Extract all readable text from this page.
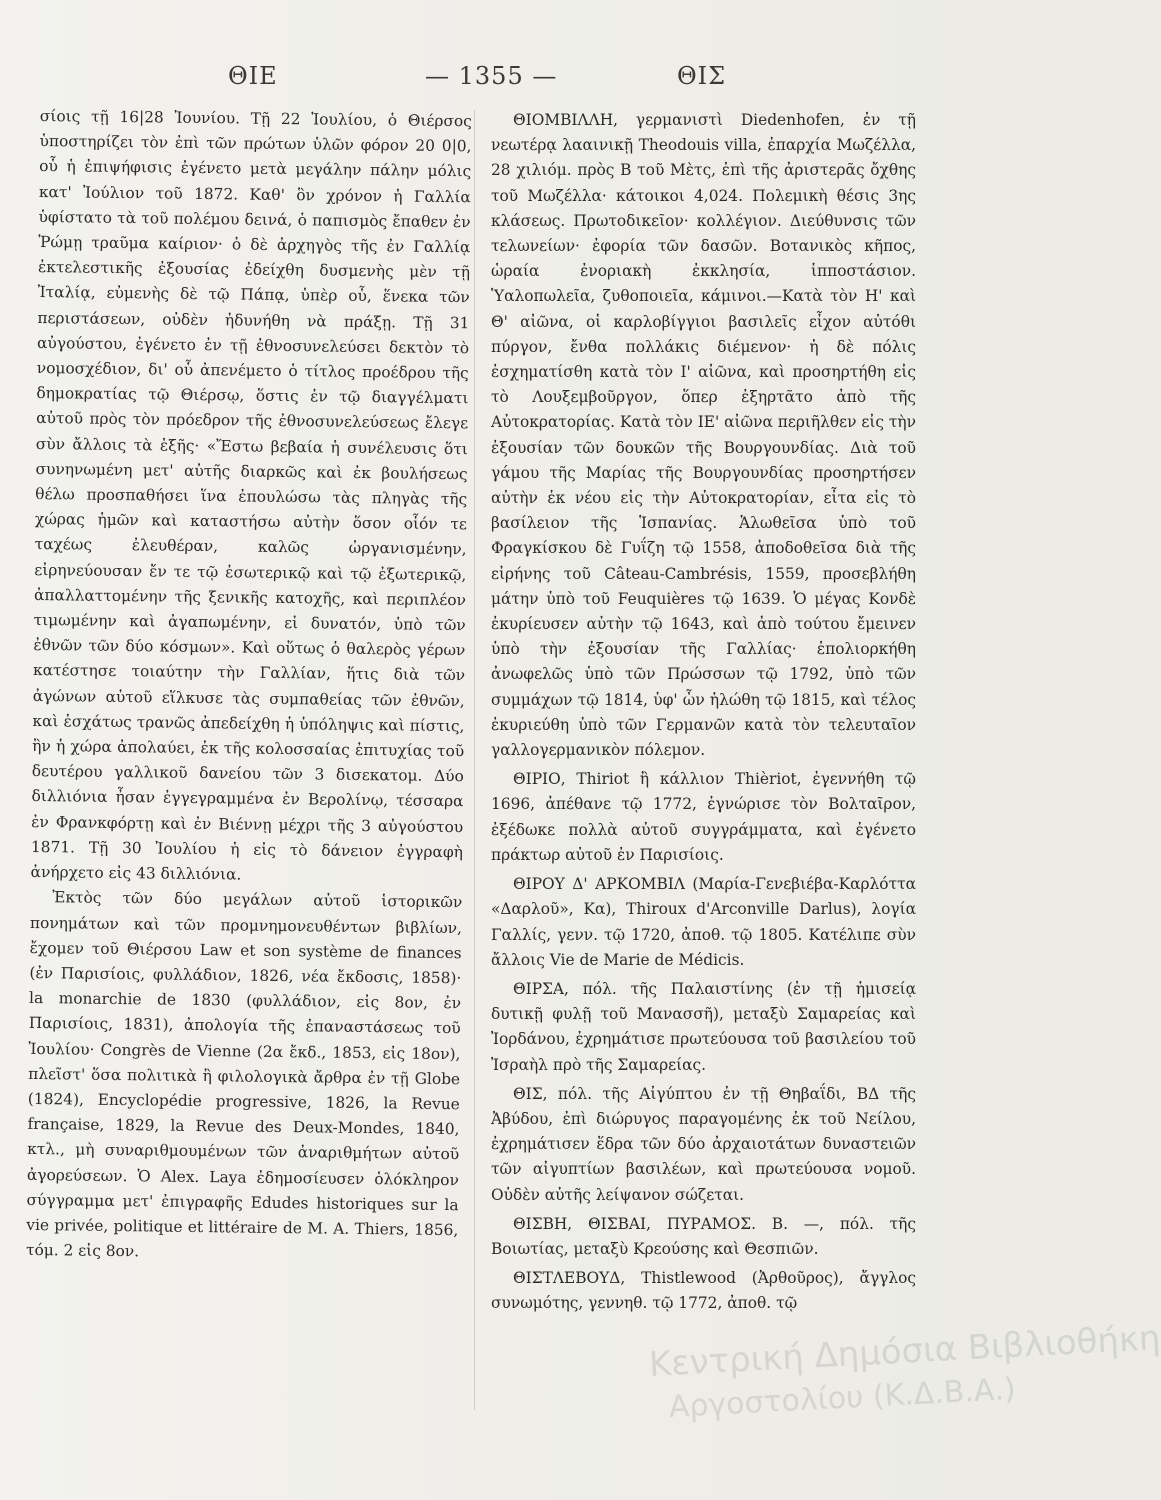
ΘΙΕ	— 1355 —	ΘΙΣ

σίοις τῇ 16|28 Ἰουνίου. Τῇ 22 Ἰουλίου, ὁ Θιέρσος ὑποστηρίζει τὸν ἐπὶ τῶν πρώτων ὑλῶν φόρον 20 0|0, οὗ ἡ ἐπιψήφισις ἐγένετο μετὰ μεγάλην πάλην μόλις κατ' Ἰούλιον τοῦ 1872. Καθ' ὃν χρόνον ἡ Γαλλία ὑφίστατο τὰ τοῦ πολέμου δεινά, ὁ παπισμὸς ἔπαθεν ἐν Ῥώμῃ τραῦμα καίριον· ὁ δὲ ἀρχηγὸς τῆς ἐν Γαλλίᾳ ἐκτελεστικῆς ἐξουσίας ἐδείχθη δυσμενὴς μὲν τῇ Ἰταλίᾳ, εὐμενὴς δὲ τῷ Πάπᾳ, ὑπὲρ οὗ, ἕνεκα τῶν περιστάσεων, οὐδὲν ἠδυνήθη νὰ πράξῃ. Τῇ 31 αὐγούστου, ἐγένετο ἐν τῇ ἐθνοσυνελεύσει δεκτὸν τὸ νομοσχέδιον, δι' οὗ ἀπενέμετο ὁ τίτλος προέδρου τῆς δημοκρατίας τῷ Θιέρσῳ, ὅστις ἐν τῷ διαγγέλματι αὐτοῦ πρὸς τὸν πρόεδρον τῆς ἐθνοσυνελεύσεως ἔλεγε σὺν ἄλλοις τὰ ἑξῆς· «Ἔστω βεβαία ἡ συνέλευσις ὅτι συνηνωμένη μετ' αὐτῆς διαρκῶς καὶ ἐκ βουλήσεως θέλω προσπαθήσει ἵνα ἐπουλώσω τὰς πληγὰς τῆς χώρας ἡμῶν καὶ καταστήσω αὐτὴν ὅσον οἷόν τε ταχέως ἐλευθέραν, καλῶς ὠργανισμένην, εἰρηνεύουσαν ἔν τε τῷ ἐσωτερικῷ καὶ τῷ ἐξωτερικῷ, ἀπαλλαττομένην τῆς ξενικῆς κατοχῆς, καὶ περιπλέον τιμωμένην καὶ ἀγαπωμένην, εἰ δυνατόν, ὑπὸ τῶν ἐθνῶν τῶν δύο κόσμων». Καὶ οὕτως ὁ θαλερὸς γέρων κατέστησε τοιαύτην τὴν Γαλλίαν, ἥτις διὰ τῶν ἀγώνων αὐτοῦ εἵλκυσε τὰς συμπαθείας τῶν ἐθνῶν, καὶ ἐσχάτως τρανῶς ἀπεδείχθη ἡ ὑπόληψις καὶ πίστις, ἣν ἡ χώρα ἀπολαύει, ἐκ τῆς κολοσσαίας ἐπιτυχίας τοῦ δευτέρου γαλλικοῦ δανείου τῶν 3 δισεκατομ. Δύο διλλιόνια ἦσαν ἐγγεγραμμένα ἐν Βερολίνῳ, τέσσαρα ἐν Φρανκφόρτῃ καὶ ἐν Βιέννῃ μέχρι τῆς 3 αὐγούστου 1871. Τῇ 30 Ἰουλίου ἡ εἰς τὸ δάνειον ἐγγραφὴ ἀνήρχετο εἰς 43 διλλιόνια.

Ἐκτὸς τῶν δύο μεγάλων αὐτοῦ ἱστορικῶν πονημάτων καὶ τῶν προμνημονευθέντων βιβλίων, ἔχομεν τοῦ Θιέρσου Law et son système de finances (ἐν Παρισίοις, φυλλάδιον, 1826, νέα ἔκδοσις, 1858)· la monarchie de 1830 (φυλλάδιον, εἰς 8ον, ἐν Παρισίοις, 1831), ἀπολογία τῆς ἐπαναστάσεως τοῦ Ἰουλίου· Congrès de Vienne (2α ἔκδ., 1853, εἰς 18ον), πλεῖστ' ὅσα πολιτικὰ ἢ φιλολογικὰ ἄρθρα ἐν τῇ Globe (1824), Encyclopédie progressive, 1826, la Revue française, 1829, la Revue des Deux-Mondes, 1840, κτλ., μὴ συναριθμουμένων τῶν ἀναριθμήτων αὐτοῦ ἀγορεύσεων. Ὁ Alex. Laya ἐδημοσίευσεν ὁλόκληρον σύγγραμμα μετ' ἐπιγραφῆς Edudes historiques sur la vie privée, politique et littéraire de M. A. Thiers, 1856, τόμ. 2 εἰς 8ον.

ΘΙΟΜΒΙΛΛΗ, γερμανιστὶ Diedenhofen, ἐν τῇ νεωτέρᾳ λααινικῇ Theodouis villa, ἐπαρχία Μωζέλλα, 28 χιλιόμ. πρὸς Β τοῦ Μὲτς, ἐπὶ τῆς ἀριστερᾶς ὄχθης τοῦ Μωζέλλα· κάτοικοι 4,024. Πολεμικὴ θέσις 3ης κλάσεως. Πρωτοδικεῖον· κολλέγιον. Διεύθυνσις τῶν τελωνείων· ἐφορία τῶν δασῶν. Βοτανικὸς κῆπος, ὡραία ἐνοριακὴ ἐκκλησία, ἱπποστάσιον. Ὑαλοπωλεῖα, ζυθοποιεῖα, κάμινοι.—Κατὰ τὸν Η' καὶ Θ' αἰῶνα, οἱ καρλοβίγγιοι βασιλεῖς εἶχον αὐτόθι πύργον, ἔνθα πολλάκις διέμενον· ἡ δὲ πόλις ἐσχηματίσθη κατὰ τὸν Ι' αἰῶνα, καὶ προσηρτήθη εἰς τὸ Λουξεμβοῦργον, ὅπερ ἐξηρτᾶτο ἀπὸ τῆς Αὐτοκρατορίας. Κατὰ τὸν ΙΕ' αἰῶνα περιῆλθεν εἰς τὴν ἐξουσίαν τῶν δουκῶν τῆς Βουργουνδίας. Διὰ τοῦ γάμου τῆς Μαρίας τῆς Βουργουνδίας προσηρτήσεν αὐτὴν ἐκ νέου εἰς τὴν Αὐτοκρατορίαν, εἶτα εἰς τὸ βασίλειον τῆς Ἱσπανίας. Ἁλωθεῖσα ὑπὸ τοῦ Φραγκίσκου δὲ Γυΐζη τῷ 1558, ἀποδοθεῖσα διὰ τῆς εἰρήνης τοῦ Câteau-Cambrésis, 1559, προσεβλήθη μάτην ὑπὸ τοῦ Feuquières τῷ 1639. Ὁ μέγας Κονδὲ ἐκυρίευσεν αὐτὴν τῷ 1643, καὶ ἀπὸ τούτου ἔμεινεν ὑπὸ τὴν ἐξουσίαν τῆς Γαλλίας· ἐπολιορκήθη ἀνωφελῶς ὑπὸ τῶν Πρώσσων τῷ 1792, ὑπὸ τῶν συμμάχων τῷ 1814, ὑφ' ὧν ἡλώθη τῷ 1815, καὶ τέλος ἐκυριεύθη ὑπὸ τῶν Γερμανῶν κατὰ τὸν τελευταῖον γαλλογερμανικὸν πόλεμον.

ΘΙΡΙΟ, Thiriot ἢ κάλλιον Thièriot, ἐγεννήθη τῷ 1696, ἀπέθανε τῷ 1772, ἐγνώρισε τὸν Βολταῖρον, ἐξέδωκε πολλὰ αὐτοῦ συγγράμματα, καὶ ἐγένετο πράκτωρ αὐτοῦ ἐν Παρισίοις.

ΘΙΡΟΥ Δ' ΑΡΚΟΜΒΙΛ (Μαρία-Γενεβιέβα-Καρλόττα «Δαρλοῦ», Κα), Thiroux d'Arconville Darlus), λογία Γαλλίς, γενν. τῷ 1720, ἀποθ. τῷ 1805. Κατέλιπε σὺν ἄλλοις Vie de Marie de Médicis.

ΘΙΡΣΑ, πόλ. τῆς Παλαιστίνης (ἐν τῇ ἡμισείᾳ δυτικῇ φυλῇ τοῦ Μανασσῆ), μεταξὺ Σαμαρείας καὶ Ἰορδάνου, ἐχρημάτισε πρωτεύουσα τοῦ βασιλείου τοῦ Ἰσραὴλ πρὸ τῆς Σαμαρείας.

ΘΙΣ, πόλ. τῆς Αἰγύπτου ἐν τῇ Θηβαΐδι, ΒΔ τῆς Ἀβύδου, ἐπὶ διώρυγος παραγομένης ἐκ τοῦ Νείλου, ἐχρημάτισεν ἕδρα τῶν δύο ἀρχαιοτάτων δυναστειῶν τῶν αἰγυπτίων βασιλέων, καὶ πρωτεύουσα νομοῦ. Οὐδὲν αὐτῆς λείψανον σώζεται.

ΘΙΣΒΗ, ΘΙΣΒΑΙ, ΠΥΡΑΜΟΣ. Β. —, πόλ. τῆς Βοιωτίας, μεταξὺ Κρεούσης καὶ Θεσπιῶν.

ΘΙΣΤΛΕΒΟΥΔ, Thistlewood (Ἀρθοῦρος), ἄγγλος συνωμότης, γεννηθ. τῷ 1772, ἀποθ. τῷ

Κεντρική Δημόσια Βιβλιοθήκη
Αργοστολίου (Κ.Δ.Β.Α.)
